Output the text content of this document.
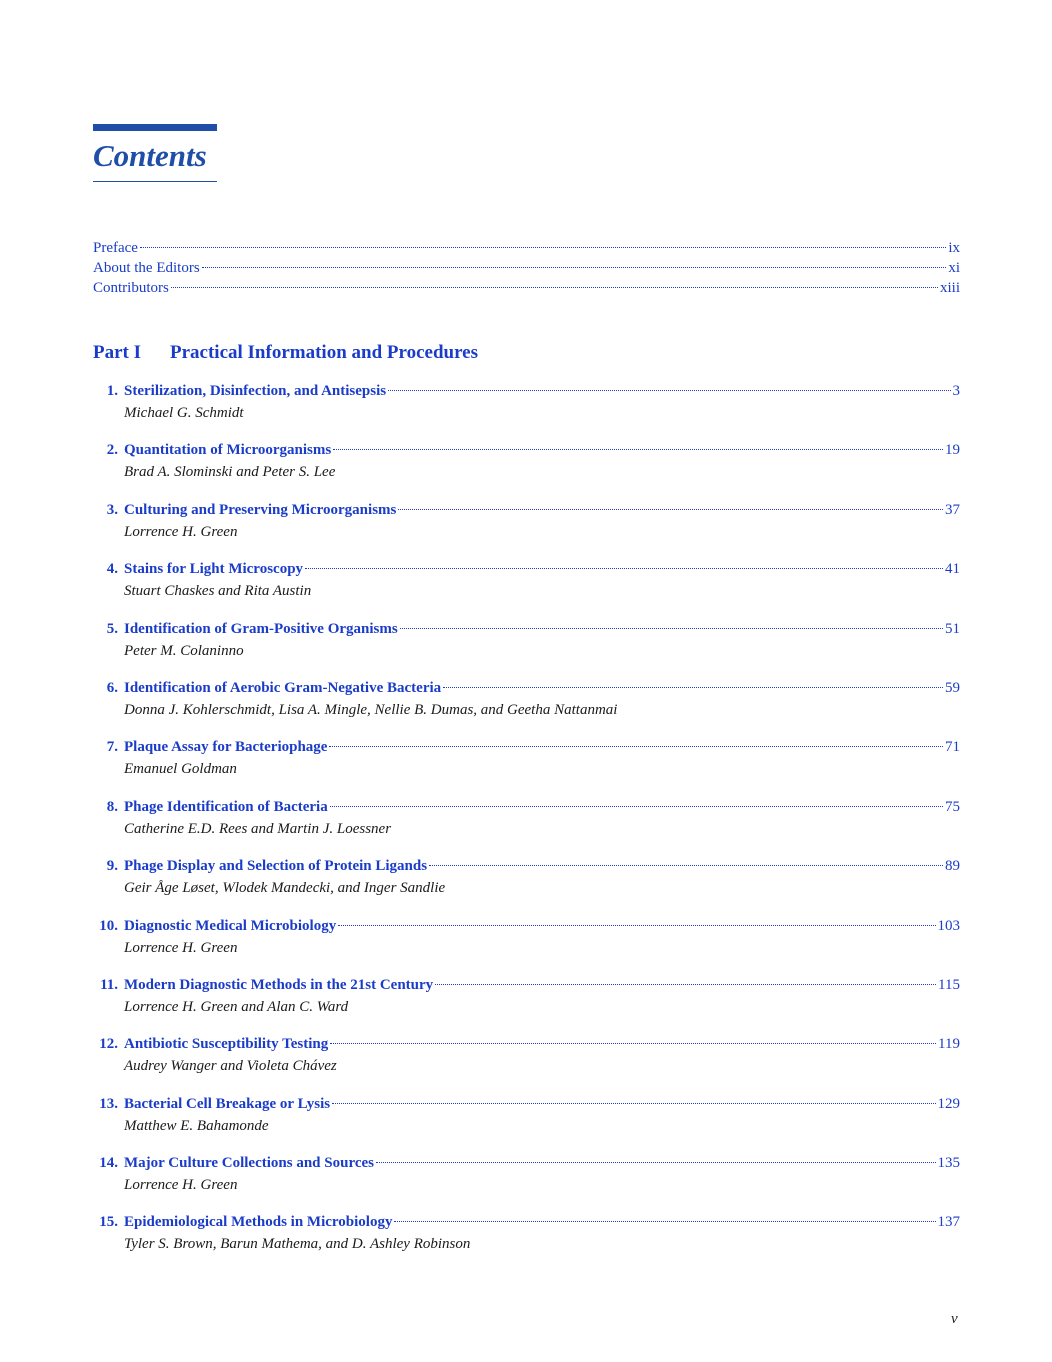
Contents
Preface	ix
About the Editors	xi
Contributors	xiii
Part I Practical Information and Procedures
1. Sterilization, Disinfection, and Antisepsis	3
Michael G. Schmidt
2. Quantitation of Microorganisms	19
Brad A. Slominski and Peter S. Lee
3. Culturing and Preserving Microorganisms	37
Lorrence H. Green
4. Stains for Light Microscopy	41
Stuart Chaskes and Rita Austin
5. Identification of Gram-Positive Organisms	51
Peter M. Colaninno
6. Identification of Aerobic Gram-Negative Bacteria	59
Donna J. Kohlerschmidt, Lisa A. Mingle, Nellie B. Dumas, and Geetha Nattanmai
7. Plaque Assay for Bacteriophage	71
Emanuel Goldman
8. Phage Identification of Bacteria	75
Catherine E.D. Rees and Martin J. Loessner
9. Phage Display and Selection of Protein Ligands	89
Geir Åge Løset, Wlodek Mandecki, and Inger Sandlie
10. Diagnostic Medical Microbiology	103
Lorrence H. Green
11. Modern Diagnostic Methods in the 21st Century	115
Lorrence H. Green and Alan C. Ward
12. Antibiotic Susceptibility Testing	119
Audrey Wanger and Violeta Chávez
13. Bacterial Cell Breakage or Lysis	129
Matthew E. Bahamonde
14. Major Culture Collections and Sources	135
Lorrence H. Green
15. Epidemiological Methods in Microbiology	137
Tyler S. Brown, Barun Mathema, and D. Ashley Robinson
v
